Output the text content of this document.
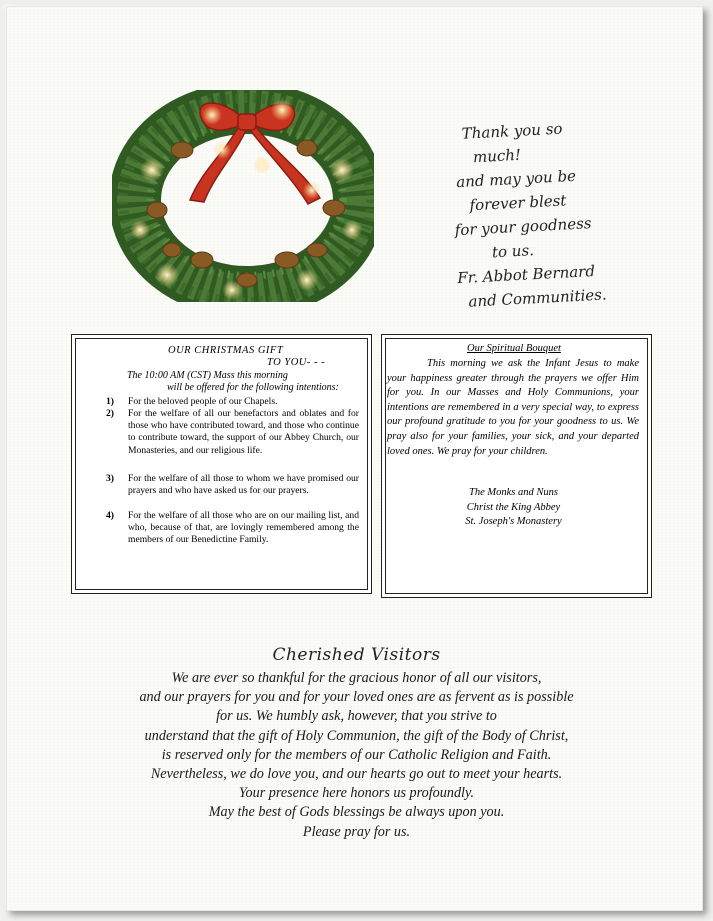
Thank you so
much!
and may you be
forever blest
for your goodness
to us.
Fr. Abbot Bernard
and Communities.
OUR CHRISTMAS GIFT
TO YOU- - -
The 10:00 AM (CST) Mass this morning
will be offered for the following intentions:
1) For the beloved people of our Chapels.
2) For the welfare of all our benefactors and oblates and for those who have contributed toward, and those who continue to contribute toward, the support of our Abbey Church, our Monasteries, and our religious life.
3) For the welfare of all those to whom we have promised our prayers and who have asked us for our prayers.
4) For the welfare of all those who are on our mailing list, and who, because of that, are lovingly remembered among the members of our Benedictine Family.
Our Spiritual Bouquet
This morning we ask the Infant Jesus to make your happiness greater through the prayers we offer Him for you. In our Masses and Holy Communions, your intentions are remembered in a very special way, to express our profound gratitude to you for your goodness to us. We pray also for your families, your sick, and your departed loved ones. We pray for your children.
The Monks and Nuns
Christ the King Abbey
St. Joseph's Monastery
Cherished Visitors
We are ever so thankful for the gracious honor of all our visitors,
and our prayers for you and for your loved ones are as fervent as is possible
for us. We humbly ask, however, that you strive to
understand that the gift of Holy Communion, the gift of the Body of Christ,
is reserved only for the members of our Catholic Religion and Faith.
Nevertheless, we do love you, and our hearts go out to meet your hearts.
Your presence here honors us profoundly.
May the best of Gods blessings be always upon you.
Please pray for us.
